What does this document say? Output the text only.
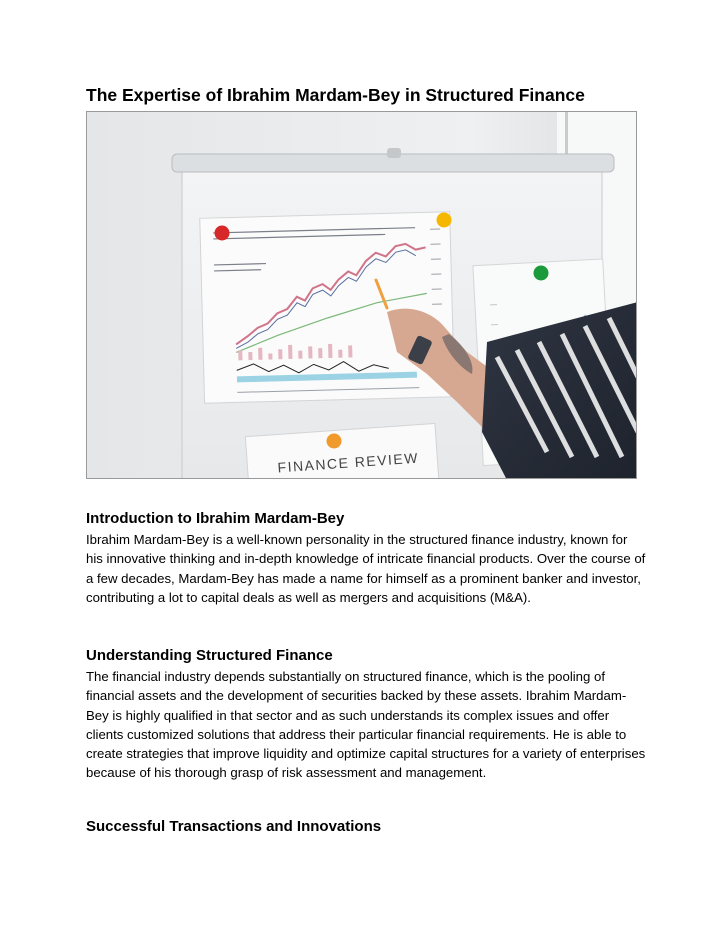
The Expertise of Ibrahim Mardam-Bey in Structured Finance
FINANCE REVIEW
Introduction to Ibrahim Mardam-Bey

Ibrahim Mardam-Bey is a well-known personality in the structured finance industry, known for his innovative thinking and in-depth knowledge of intricate financial products. Over the course of a few decades, Mardam-Bey has made a name for himself as a prominent banker and investor, contributing a lot to capital deals as well as mergers and acquisitions (M&A).

Understanding Structured Finance

The financial industry depends substantially on structured finance, which is the pooling of financial assets and the development of securities backed by these assets. Ibrahim Mardam-Bey is highly qualified in that sector and as such understands its complex issues and offer clients customized solutions that address their particular financial requirements. He is able to create strategies that improve liquidity and optimize capital structures for a variety of enterprises because of his thorough grasp of risk assessment and management.

Successful Transactions and Innovations
